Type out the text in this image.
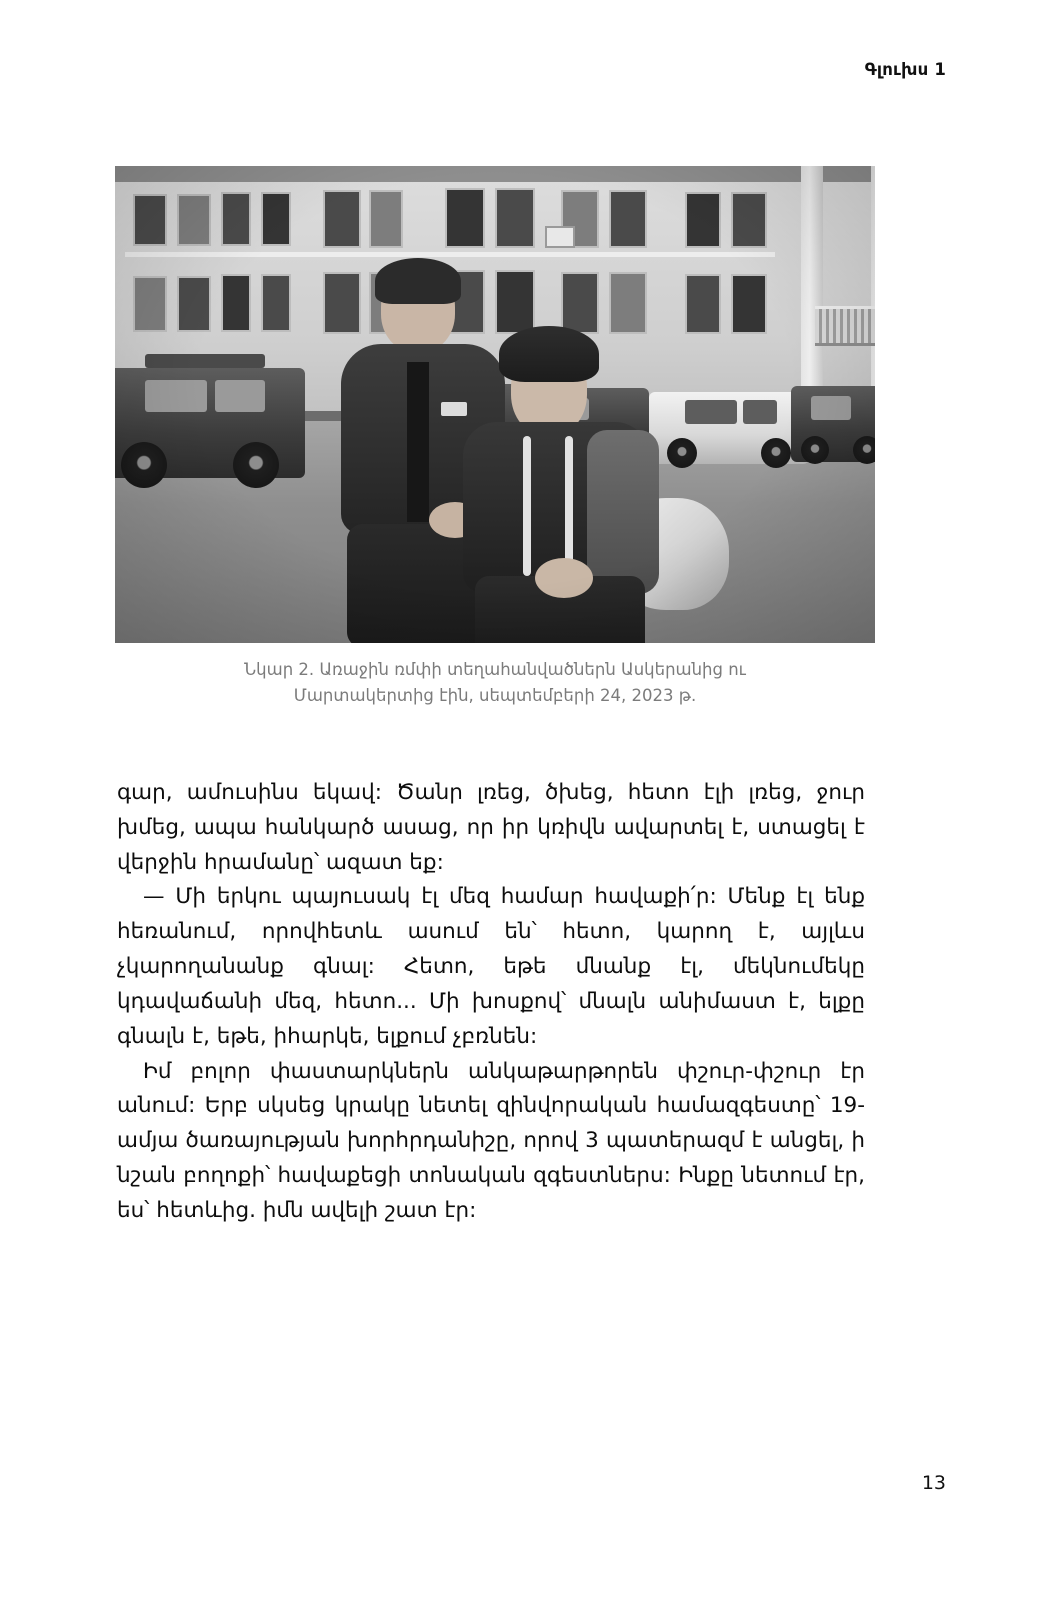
Գլուխս 1
Նկար 2. Առաջին ռմփի տեղահանվածներն Ասկերանից ու
Մարտակերտից էին, սեպտեմբերի 24, 2023 թ.

գար, ամուսինս եկավ: Ծանր լռեց, ծխեց, հետո էլի լռեց, ջուր խմեց, ապա հանկարծ ասաց, որ իր կռիվն ավարտել է, ստացել է վերջին հրամանը՝ ազատ եք:

— Մի երկու պայուսակ էլ մեզ համար հավաքի՛ր: Մենք էլ ենք հեռանում, որովհետև ասում են՝ հետո, կարող է, այլևս չկարողանանք գնալ: Հետո, եթե մնանք էլ, մեկնումեկը կդավաճանի մեզ, հետո... Մի խոսքով՝ մնալն անիմաստ է, ելքը գնալն է, եթե, իհարկե, ելքում չբռնեն:

Իմ բոլոր փաստարկներն անկաթարթորեն փշուր-փշուր էր անում: Երբ սկսեց կրակը նետել զինվորական համազգեստը՝ 19-ամյա ծառայության խորհրդանիշը, որով 3 պատերազմ է անցել, ի նշան բողոքի՝ հավաքեցի տոնական զգեստներս: Ինքը նետում էր, ես՝ հետևից. իմն ավելի շատ էր:

13
